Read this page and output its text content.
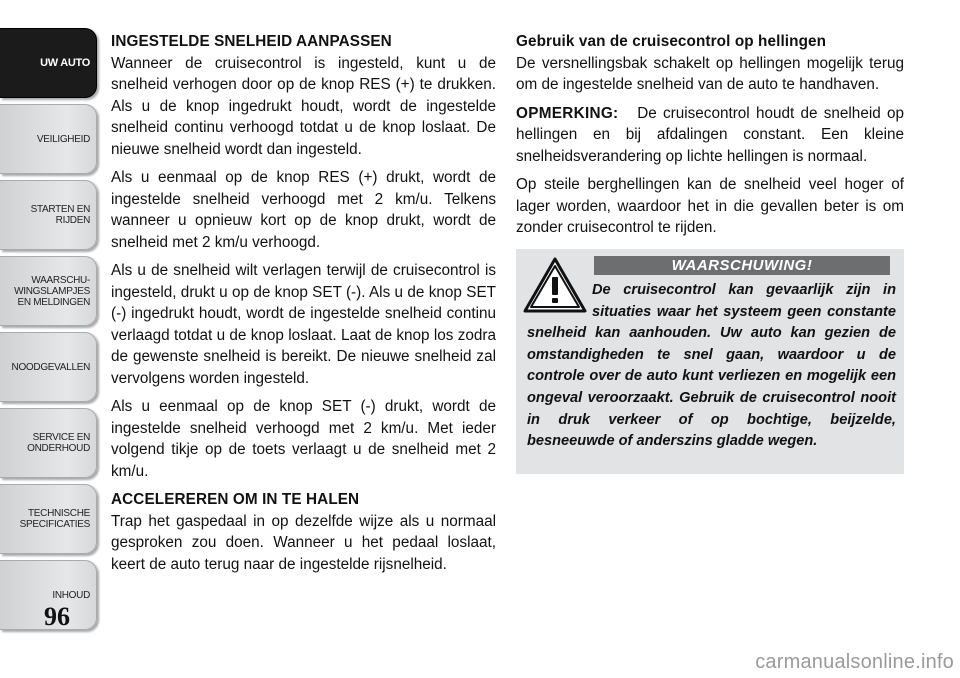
UW AUTO
VEILIGHEID
STARTEN EN
RIJDEN
WAARSCHU-
WINGSLAMPJES
EN MELDINGEN
NOODGEVALLEN
SERVICE EN
ONDERHOUD
TECHNISCHE
SPECIFICATIES
INHOUD
96
INGESTELDE SNELHEID AANPASSEN

Wanneer de cruisecontrol is ingesteld, kunt u de snelheid verhogen door op de knop RES (+) te drukken. Als u de knop ingedrukt houdt, wordt de ingestelde snelheid continu verhoogd totdat u de knop loslaat. De nieuwe snelheid wordt dan ingesteld.

Als u eenmaal op de knop RES (+) drukt, wordt de ingestelde snelheid verhoogd met 2 km/u. Telkens wanneer u opnieuw kort op de knop drukt, wordt de snelheid met 2 km/u verhoogd.

Als u de snelheid wilt verlagen terwijl de cruisecontrol is ingesteld, drukt u op de knop SET (-). Als u de knop SET (-) ingedrukt houdt, wordt de ingestelde snelheid continu verlaagd totdat u de knop loslaat. Laat de knop los zodra de gewenste snelheid is bereikt. De nieuwe snelheid zal vervolgens worden ingesteld.

Als u eenmaal op de knop SET (-) drukt, wordt de ingestelde snelheid verhoogd met 2 km/u. Met ieder volgend tikje op de toets verlaagt u de snelheid met 2 km/u.

ACCELEREREN OM IN TE HALEN

Trap het gaspedaal in op dezelfde wijze als u normaal gesproken zou doen. Wanneer u het pedaal loslaat, keert de auto terug naar de ingestelde rijsnelheid.

Gebruik van de cruisecontrol op hellingen

De versnellingsbak schakelt op hellingen mogelijk terug om de ingestelde snelheid van de auto te handhaven.

OPMERKING: De cruisecontrol houdt de snelheid op hellingen en bij afdalingen constant. Een kleine snelheidsverandering op lichte hellingen is normaal.

Op steile berghellingen kan de snelheid veel hoger of lager worden, waardoor het in die gevallen beter is om zonder cruisecontrol te rijden.

WAARSCHUWING!
De cruisecontrol kan gevaarlijk zijn in situaties waar het systeem geen constante snelheid kan aanhouden. Uw auto kan gezien de omstandigheden te snel gaan, waardoor u de controle over de auto kunt verliezen en mogelijk een ongeval veroorzaakt. Gebruik de cruisecontrol nooit in druk verkeer of op bochtige, beijzelde, besneeuwde of anderszins gladde wegen.
carmanualsonline.info
